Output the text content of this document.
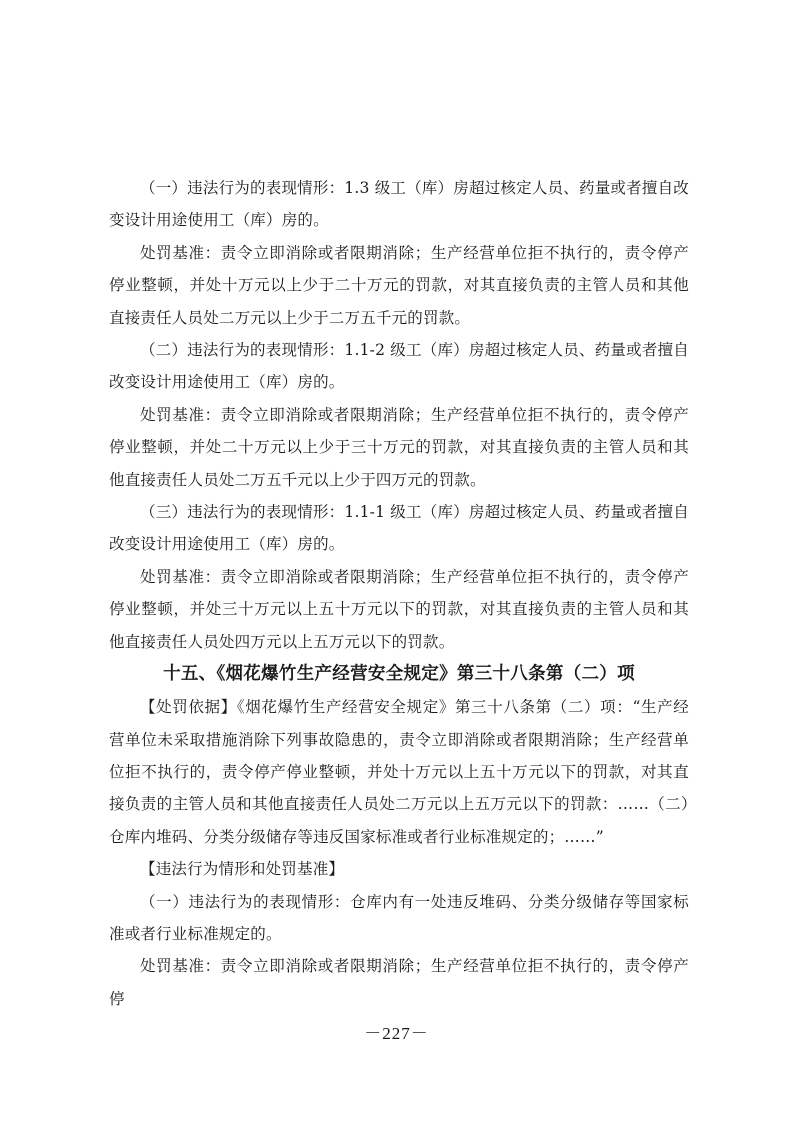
（一）违法行为的表现情形：1.3 级工（库）房超过核定人员、药量或者擅自改变设计用途使用工（库）房的。

处罚基准：责令立即消除或者限期消除；生产经营单位拒不执行的，责令停产停业整顿，并处十万元以上少于二十万元的罚款，对其直接负责的主管人员和其他直接责任人员处二万元以上少于二万五千元的罚款。

（二）违法行为的表现情形：1.1-2 级工（库）房超过核定人员、药量或者擅自改变设计用途使用工（库）房的。

处罚基准：责令立即消除或者限期消除；生产经营单位拒不执行的，责令停产停业整顿，并处二十万元以上少于三十万元的罚款，对其直接负责的主管人员和其他直接责任人员处二万五千元以上少于四万元的罚款。

（三）违法行为的表现情形：1.1-1 级工（库）房超过核定人员、药量或者擅自改变设计用途使用工（库）房的。

处罚基准：责令立即消除或者限期消除；生产经营单位拒不执行的，责令停产停业整顿，并处三十万元以上五十万元以下的罚款，对其直接负责的主管人员和其他直接责任人员处四万元以上五万元以下的罚款。

十五、《烟花爆竹生产经营安全规定》第三十八条第（二）项

【处罚依据】《烟花爆竹生产经营安全规定》第三十八条第（二）项：“生产经营单位未采取措施消除下列事故隐患的，责令立即消除或者限期消除；生产经营单位拒不执行的，责令停产停业整顿，并处十万元以上五十万元以下的罚款，对其直接负责的主管人员和其他直接责任人员处二万元以上五万元以下的罚款：……（二）仓库内堆码、分类分级储存等违反国家标准或者行业标准规定的；……”

【违法行为情形和处罚基准】

（一）违法行为的表现情形：仓库内有一处违反堆码、分类分级储存等国家标准或者行业标准规定的。

处罚基准：责令立即消除或者限期消除；生产经营单位拒不执行的，责令停产停

－227－
